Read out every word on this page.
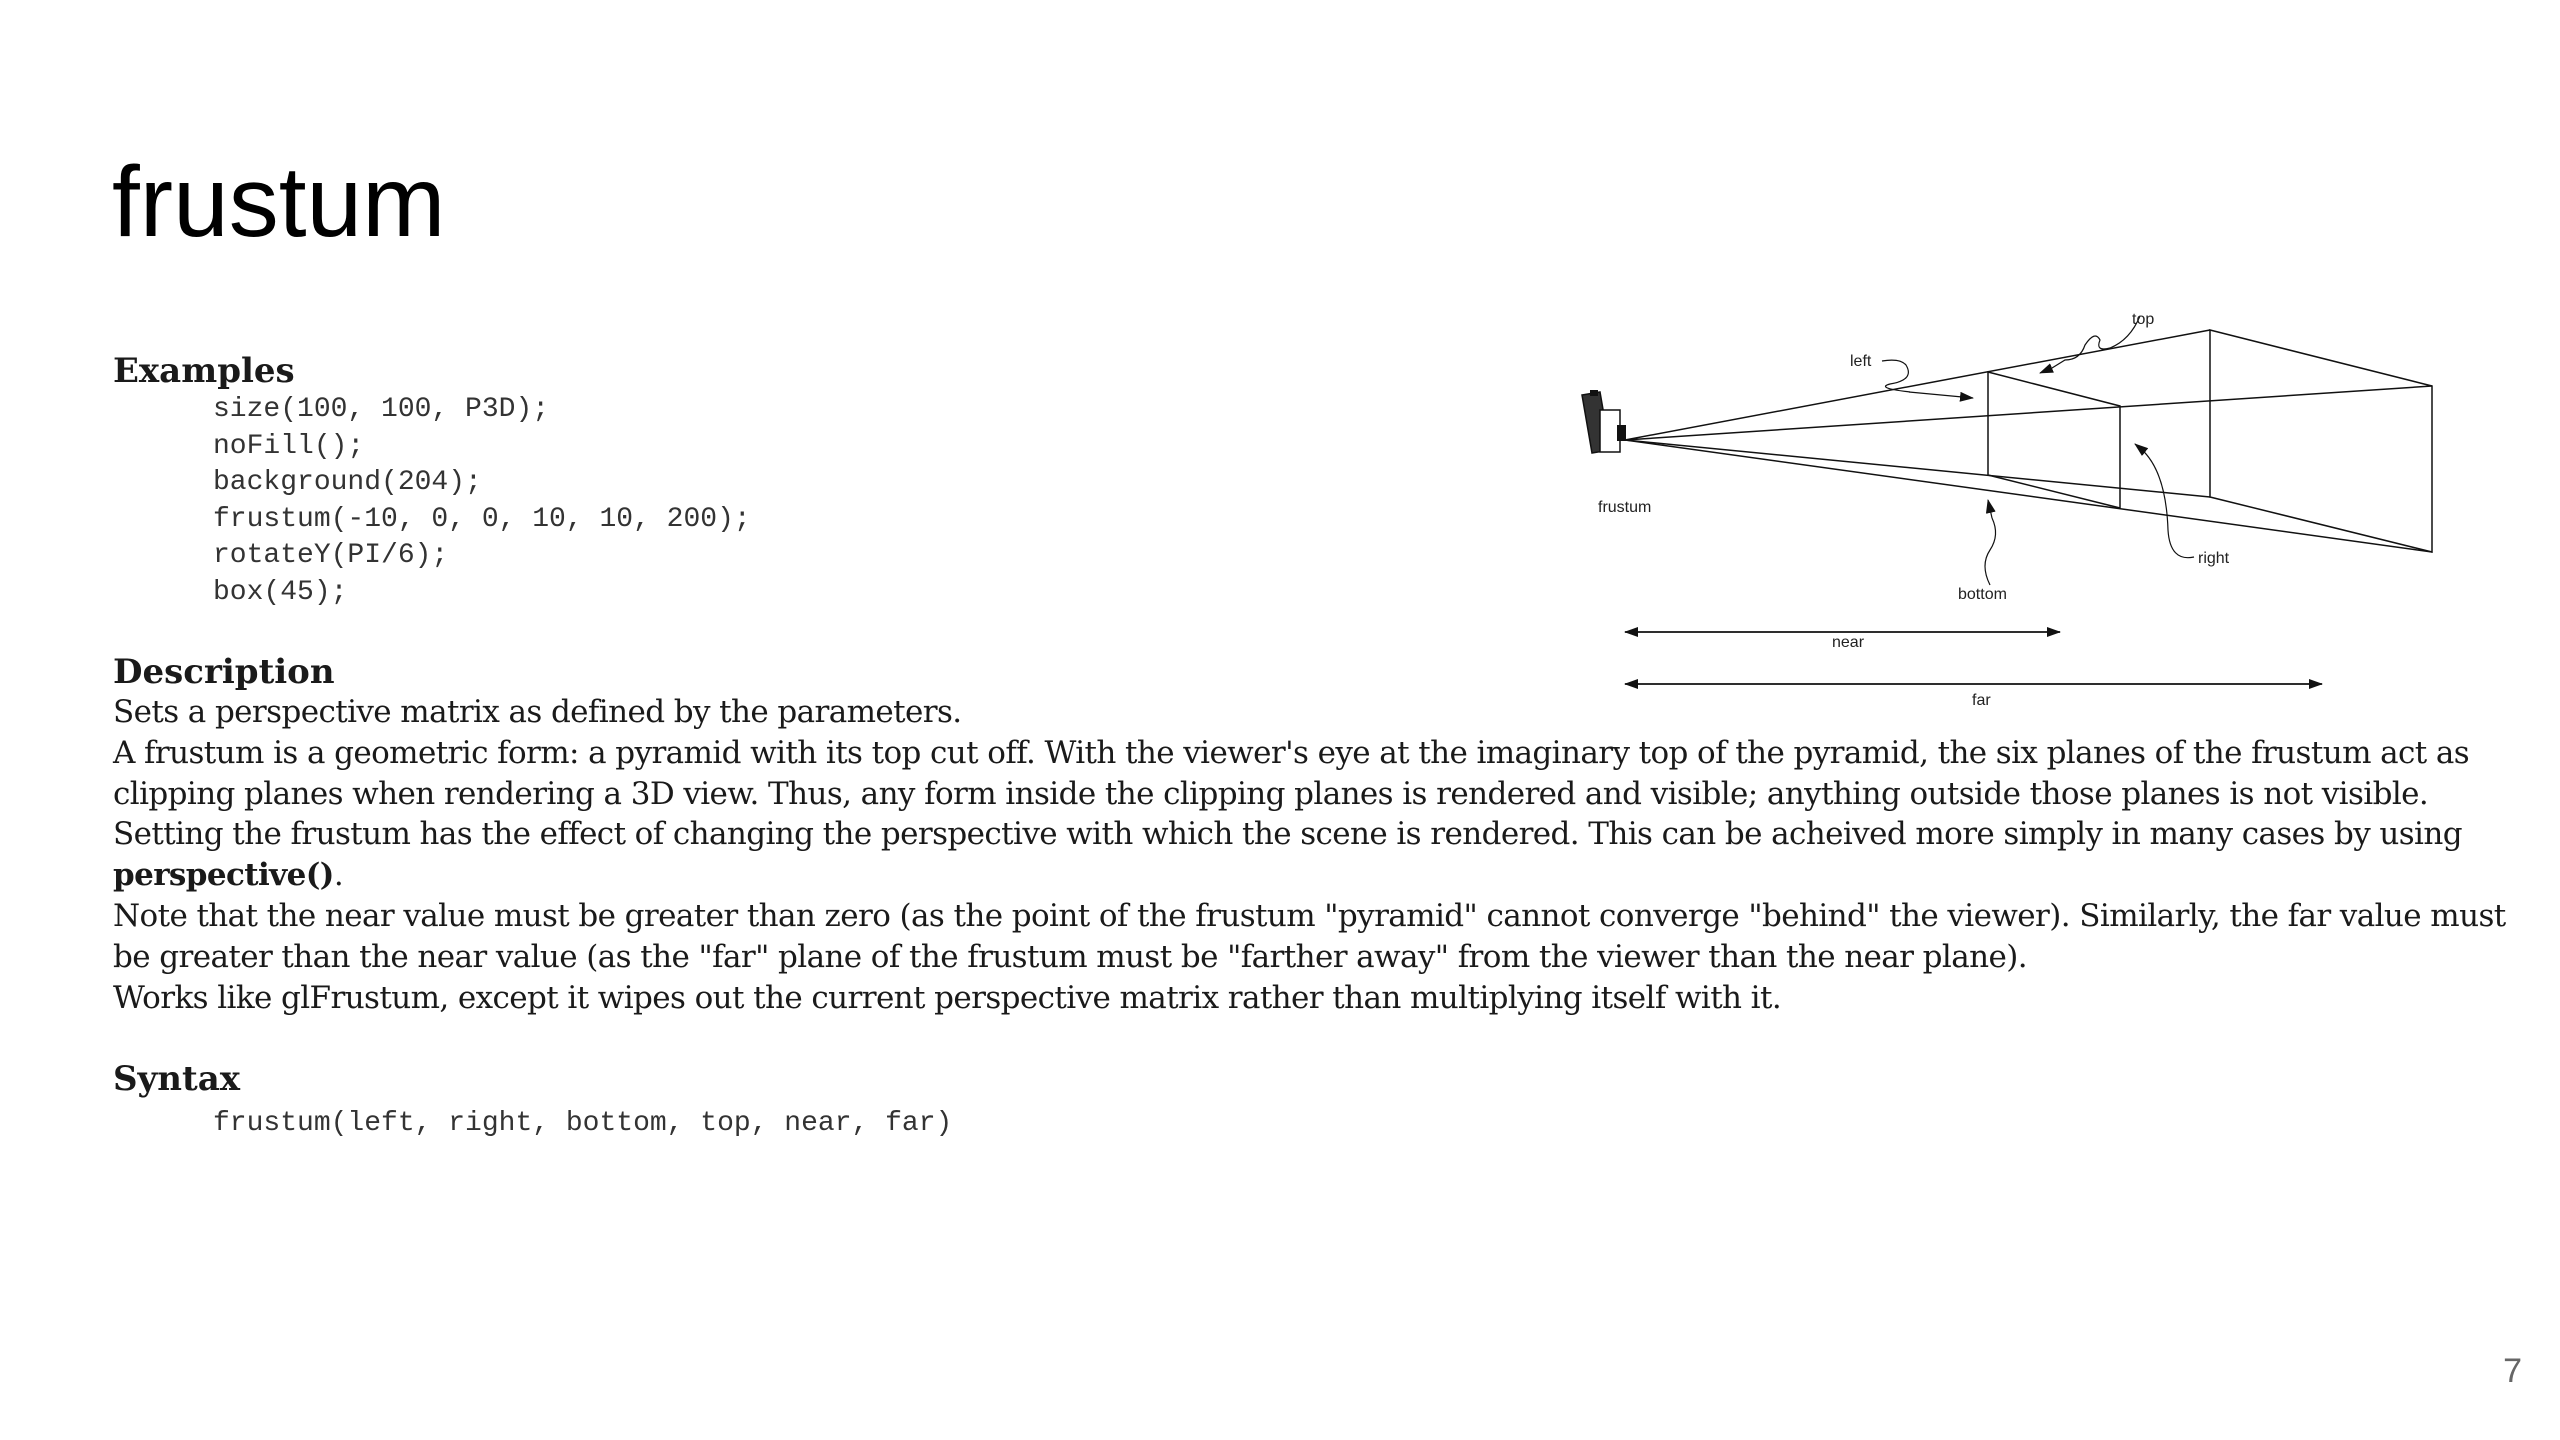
frustum
Examples
size(100, 100, P3D);
noFill();
background(204);
frustum(-10, 0, 0, 10, 10, 200);
rotateY(PI/6);
box(45);
Description
Sets a perspective matrix as defined by the parameters.
A frustum is a geometric form: a pyramid with its top cut off. With the viewer's eye at the imaginary top of the pyramid, the six planes of the frustum act as
clipping planes when rendering a 3D view. Thus, any form inside the clipping planes is rendered and visible; anything outside those planes is not visible.
Setting the frustum has the effect of changing the perspective with which the scene is rendered. This can be acheived more simply in many cases by using
perspective().
Note that the near value must be greater than zero (as the point of the frustum "pyramid" cannot converge "behind" the viewer). Similarly, the far value must
be greater than the near value (as the "far" plane of the frustum must be "farther away" from the viewer than the near plane).
Works like glFrustum, except it wipes out the current perspective matrix rather than multiplying itself with it.
Syntax
frustum(left, right, bottom, top, near, far)
top
left
frustum
right
bottom
near
far
7
